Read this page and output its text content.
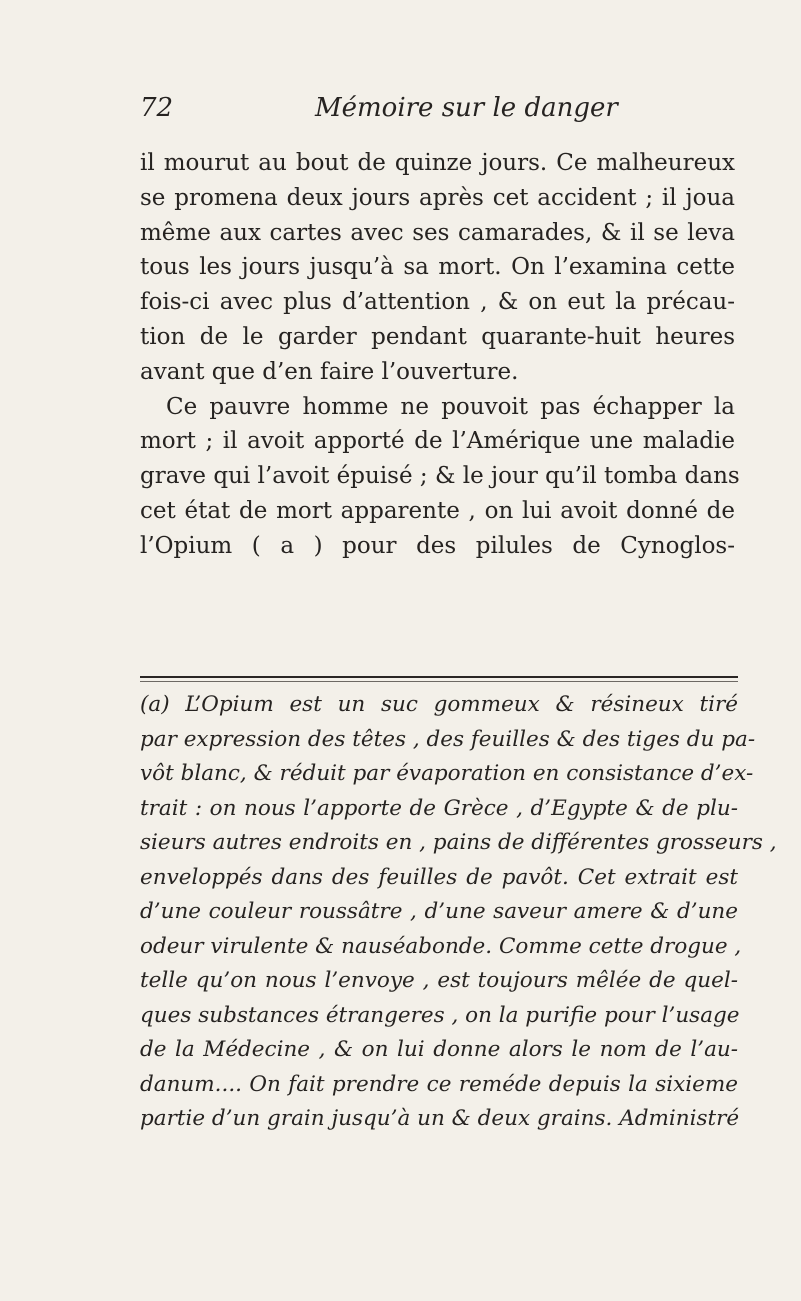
72	Mémoire sur le danger
il mourut au bout de quinze jours. Ce malheureux
se promena deux jours après cet accident ; il joua
même aux cartes avec ses camarades, & il se leva
tous les jours jusqu’à sa mort. On l’examina cette
fois-ci avec plus d’attention , & on eut la précau-
tion de le garder pendant quarante-huit heures
avant que d’en faire l’ouverture.
Ce pauvre homme ne pouvoit pas échapper la
mort ; il avoit apporté de l’Amérique une maladie
grave qui l’avoit épuisé ; & le jour qu’il tomba dans
cet état de mort apparente , on lui avoit donné de
l’Opium ( a ) pour des pilules de Cynoglos-
(a) L’Opium est un suc gommeux & résineux tiré
par expression des têtes , des feuilles & des tiges du pa-
vôt blanc, & réduit par évaporation en consistance d’ex-
trait : on nous l’apporte de Grèce , d’Egypte & de plu-
sieurs autres endroits en , pains de différentes grosseurs ,
enveloppés dans des feuilles de pavôt. Cet extrait est
d’une couleur roussâtre , d’une saveur amere & d’une
odeur virulente & nauséabonde. Comme cette drogue ,
telle qu’on nous l’envoye , est toujours mêlée de quel-
ques substances étrangeres , on la purifie pour l’usage
de la Médecine , & on lui donne alors le nom de l’au-
danum.... On fait prendre ce reméde depuis la sixieme
partie d’un grain jusqu’à un & deux grains. Administré
